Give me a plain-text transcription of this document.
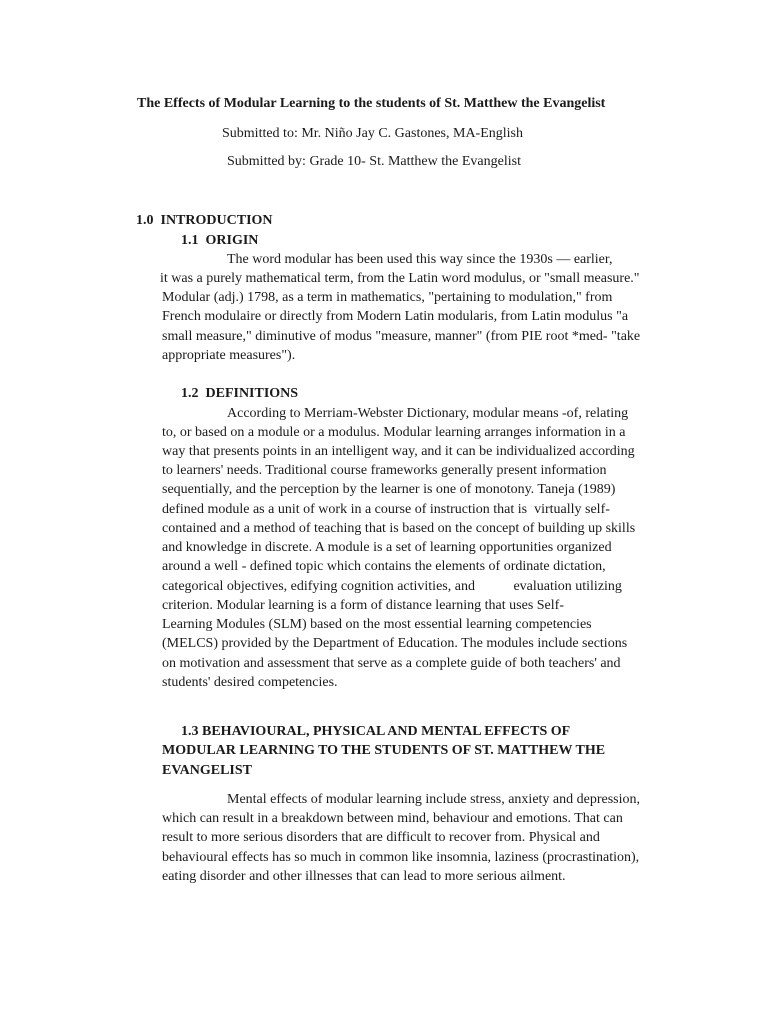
The Effects of Modular Learning to the students of St. Matthew the Evangelist
Submitted to: Mr. Niño Jay C. Gastones, MA-English
Submitted by: Grade 10- St. Matthew the Evangelist
1.0  INTRODUCTION
1.1  ORIGIN
The word modular has been used this way since the 1930s — earlier,
it was a purely mathematical term, from the Latin word modulus, or "small measure."
Modular (adj.) 1798, as a term in mathematics, "pertaining to modulation," from
French modulaire or directly from Modern Latin modularis, from Latin modulus "a
small measure," diminutive of modus "measure, manner" (from PIE root *med- "take
appropriate measures").
1.2  DEFINITIONS
According to Merriam-Webster Dictionary, modular means -of, relating
to, or based on a module or a modulus. Modular learning arranges information in a
way that presents points in an intelligent way, and it can be individualized according
to learners' needs. Traditional course frameworks generally present information
sequentially, and the perception by the learner is one of monotony. Taneja (1989)
defined module as a unit of work in a course of instruction that is  virtually self-
contained and a method of teaching that is based on the concept of building up skills
and knowledge in discrete. A module is a set of learning opportunities organized
around a well - defined topic which contains the elements of ordinate dictation,
categorical objectives, edifying cognition activities, and           evaluation utilizing
criterion. Modular learning is a form of distance learning that uses Self-
Learning Modules (SLM) based on the most essential learning competencies
(MELCS) provided by the Department of Education. The modules include sections
on motivation and assessment that serve as a complete guide of both teachers' and
students' desired competencies.
1.3 BEHAVIOURAL, PHYSICAL AND MENTAL EFFECTS OF
MODULAR LEARNING TO THE STUDENTS OF ST. MATTHEW THE
EVANGELIST
Mental effects of modular learning include stress, anxiety and depression,
which can result in a breakdown between mind, behaviour and emotions. That can
result to more serious disorders that are difficult to recover from. Physical and
behavioural effects has so much in common like insomnia, laziness (procrastination),
eating disorder and other illnesses that can lead to more serious ailment.
